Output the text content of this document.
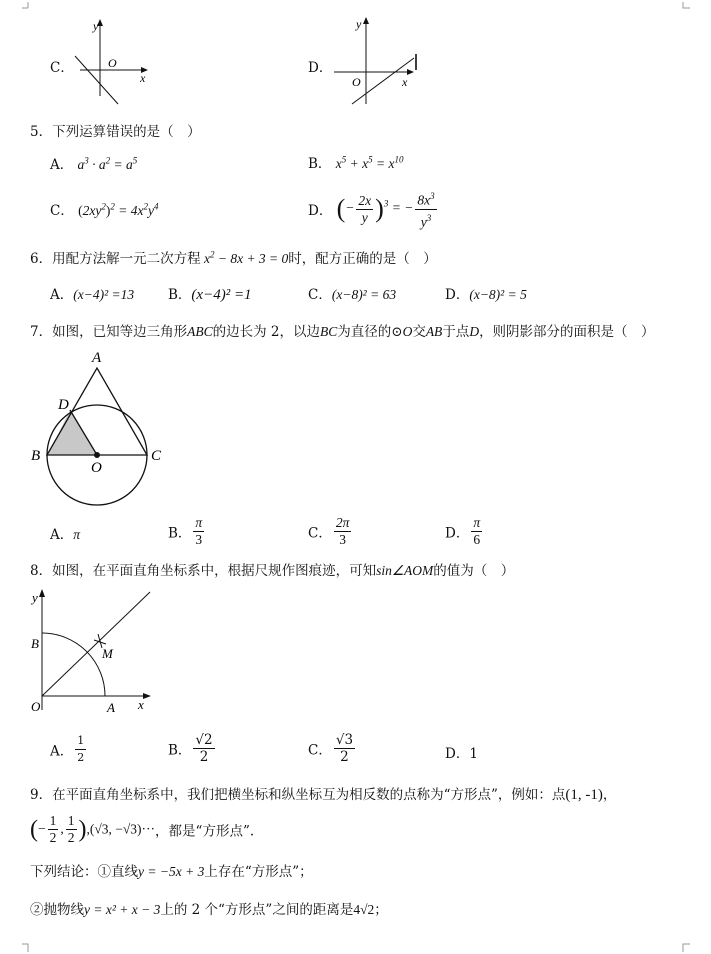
C．
y
O
x
D．
y
O	x
5．下列运算错误的是（　）
A． $a^3 \cdot a^2 = a^5$	B． $x^5 + x^5 = x^{10}$
C． $(2xy^2)^2 = 4x^2y^4$	D． (− $\frac{2x}{y} )^3$ = − $\frac{8x^3}{y^3}$
6．用配方法解一元二次方程 $x^2 - 8x + 3 = 0$时，配方正确的是（　）
A．(x−4)² =13	B．(x−4)² =1	C．(x−8)² = 63	D．(x−8)² = 5
7．如图，已知等边三角形ABC的边长为 2，以边BC为直径的⊙O交AB于点D，则阴影部分的面积是（　）
A
D
B	C
O
A．π	B． $\frac{\pi}{3}$	C． $\frac{2\pi}{3}$	D． $\frac{\pi}{6}$
8．如图，在平面直角坐标系中，根据尺规作图痕迹，可知sin∠AOM的值为（　）
y
B
M
O	A x
A． $\frac{1}{2}$	B． $\frac{√2}{2}$	C． $\frac{√3}{2}$	D．1
9．在平面直角坐标系中，我们把横坐标和纵坐标互为相反数的点称为“方形点”，例如：点(1, -1)，
(− $\frac{1}{2}$ , $\frac{1}{2} ),(√3$, −√3)···，都是“方形点”.
下列结论：①直线y = −5x + 3上存在“方形点”；
②抛物线y = x² + x − 3上的 2 个“方形点”之间的距离是4√2；
